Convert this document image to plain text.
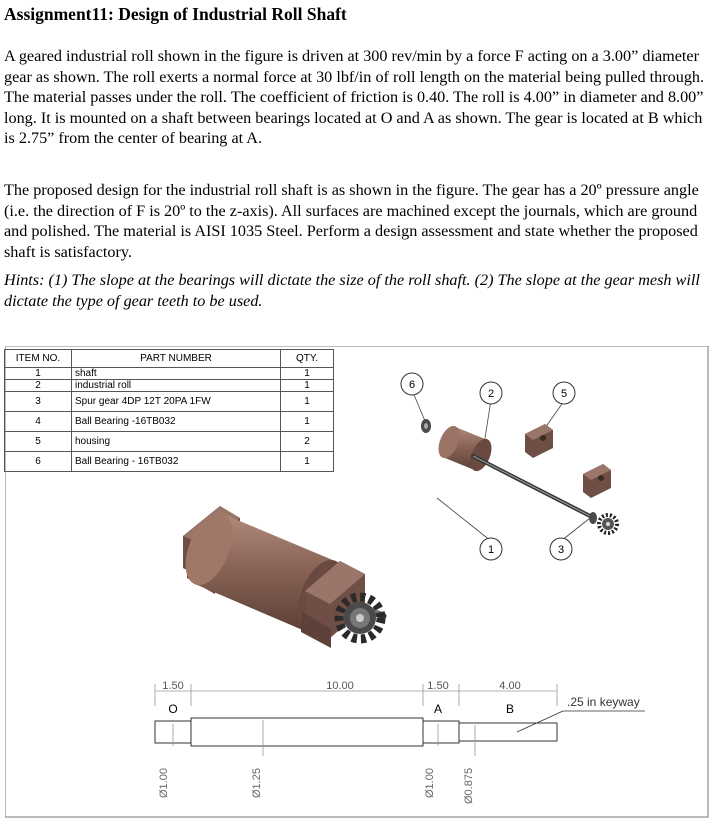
Assignment11: Design of Industrial Roll Shaft
A geared industrial roll shown in the figure is driven at 300 rev/min by a force F acting on a 3.00” diameter gear as shown. The roll exerts a normal force at 30 lbf/in of roll length on the material being pulled through. The material passes under the roll. The coefficient of friction is 0.40. The roll is 4.00” in diameter and 8.00” long. It is mounted on a shaft between bearings located at O and A as shown. The gear is located at B which is 2.75” from the center of bearing at A.
The proposed design for the industrial roll shaft is as shown in the figure. The gear has a 20º pressure angle (i.e. the direction of F is 20º to the z-axis). All surfaces are machined except the journals, which are ground and polished. The material is AISI 1035 Steel. Perform a design assessment and state whether the proposed shaft is satisfactory.
Hints: (1) The slope at the bearings will dictate the size of the roll shaft. (2) The slope at the gear mesh will dictate the type of gear teeth to be used.
6
2	5
1	3
1.50	10.00	1.50	4.00
O	A	B	.25 in keyway
Ø1.00	Ø1.25	Ø1.00 Ø0.875
ITEM NO.	PART NUMBER	QTY.
1	shaft	1
2	industrial roll	1
3	Spur gear 4DP 12T 20PA 1FW	1
4	Ball Bearing -16TB032	1
5	housing	2
6	Ball Bearing - 16TB032	1
